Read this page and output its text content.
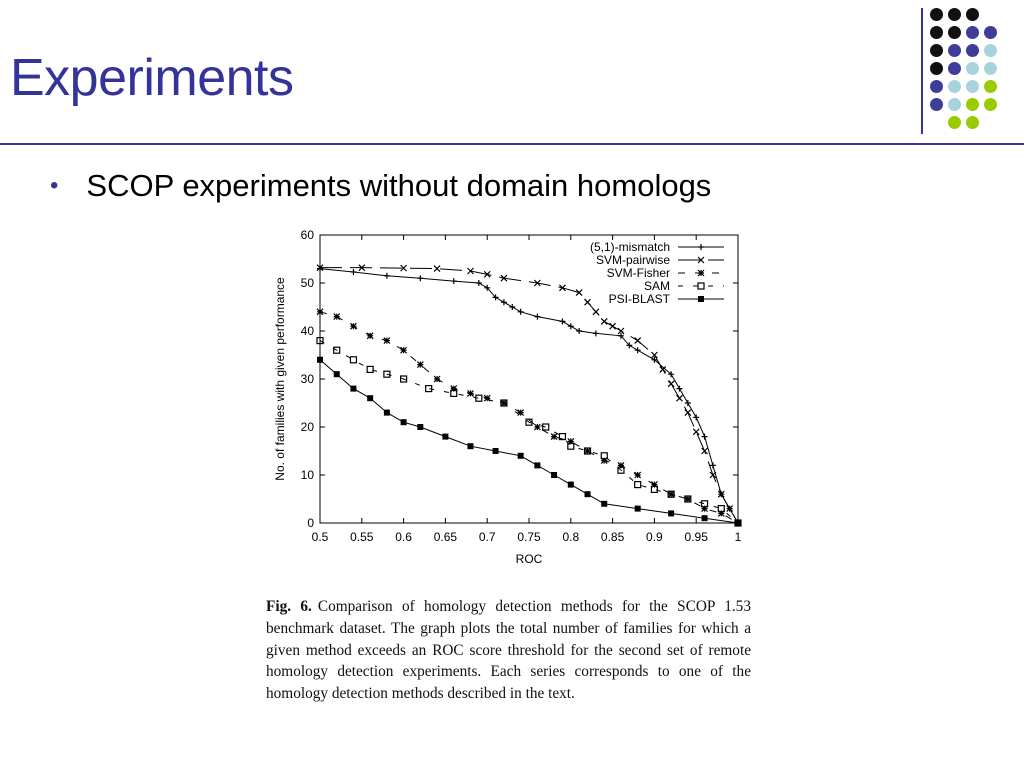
Experiments
• SCOP experiments without domain homologs
0.5 0.55 0.6 0.65 0.7 0.75 0.8 0.85 0.9 0.95 1
0
10
20
30
40
50
60
ROC
No. of families with given performance
(5,1)-mismatch
SVM-pairwise
SVM-Fisher
SAM
PSI-BLAST
Fig. 6. Comparison of homology detection methods for the SCOP 1.53 benchmark dataset. The graph plots the total number of families for which a given method exceeds an ROC score threshold for the second set of remote homology detection experiments. Each series corresponds to one of the homology detection methods described in the text.
